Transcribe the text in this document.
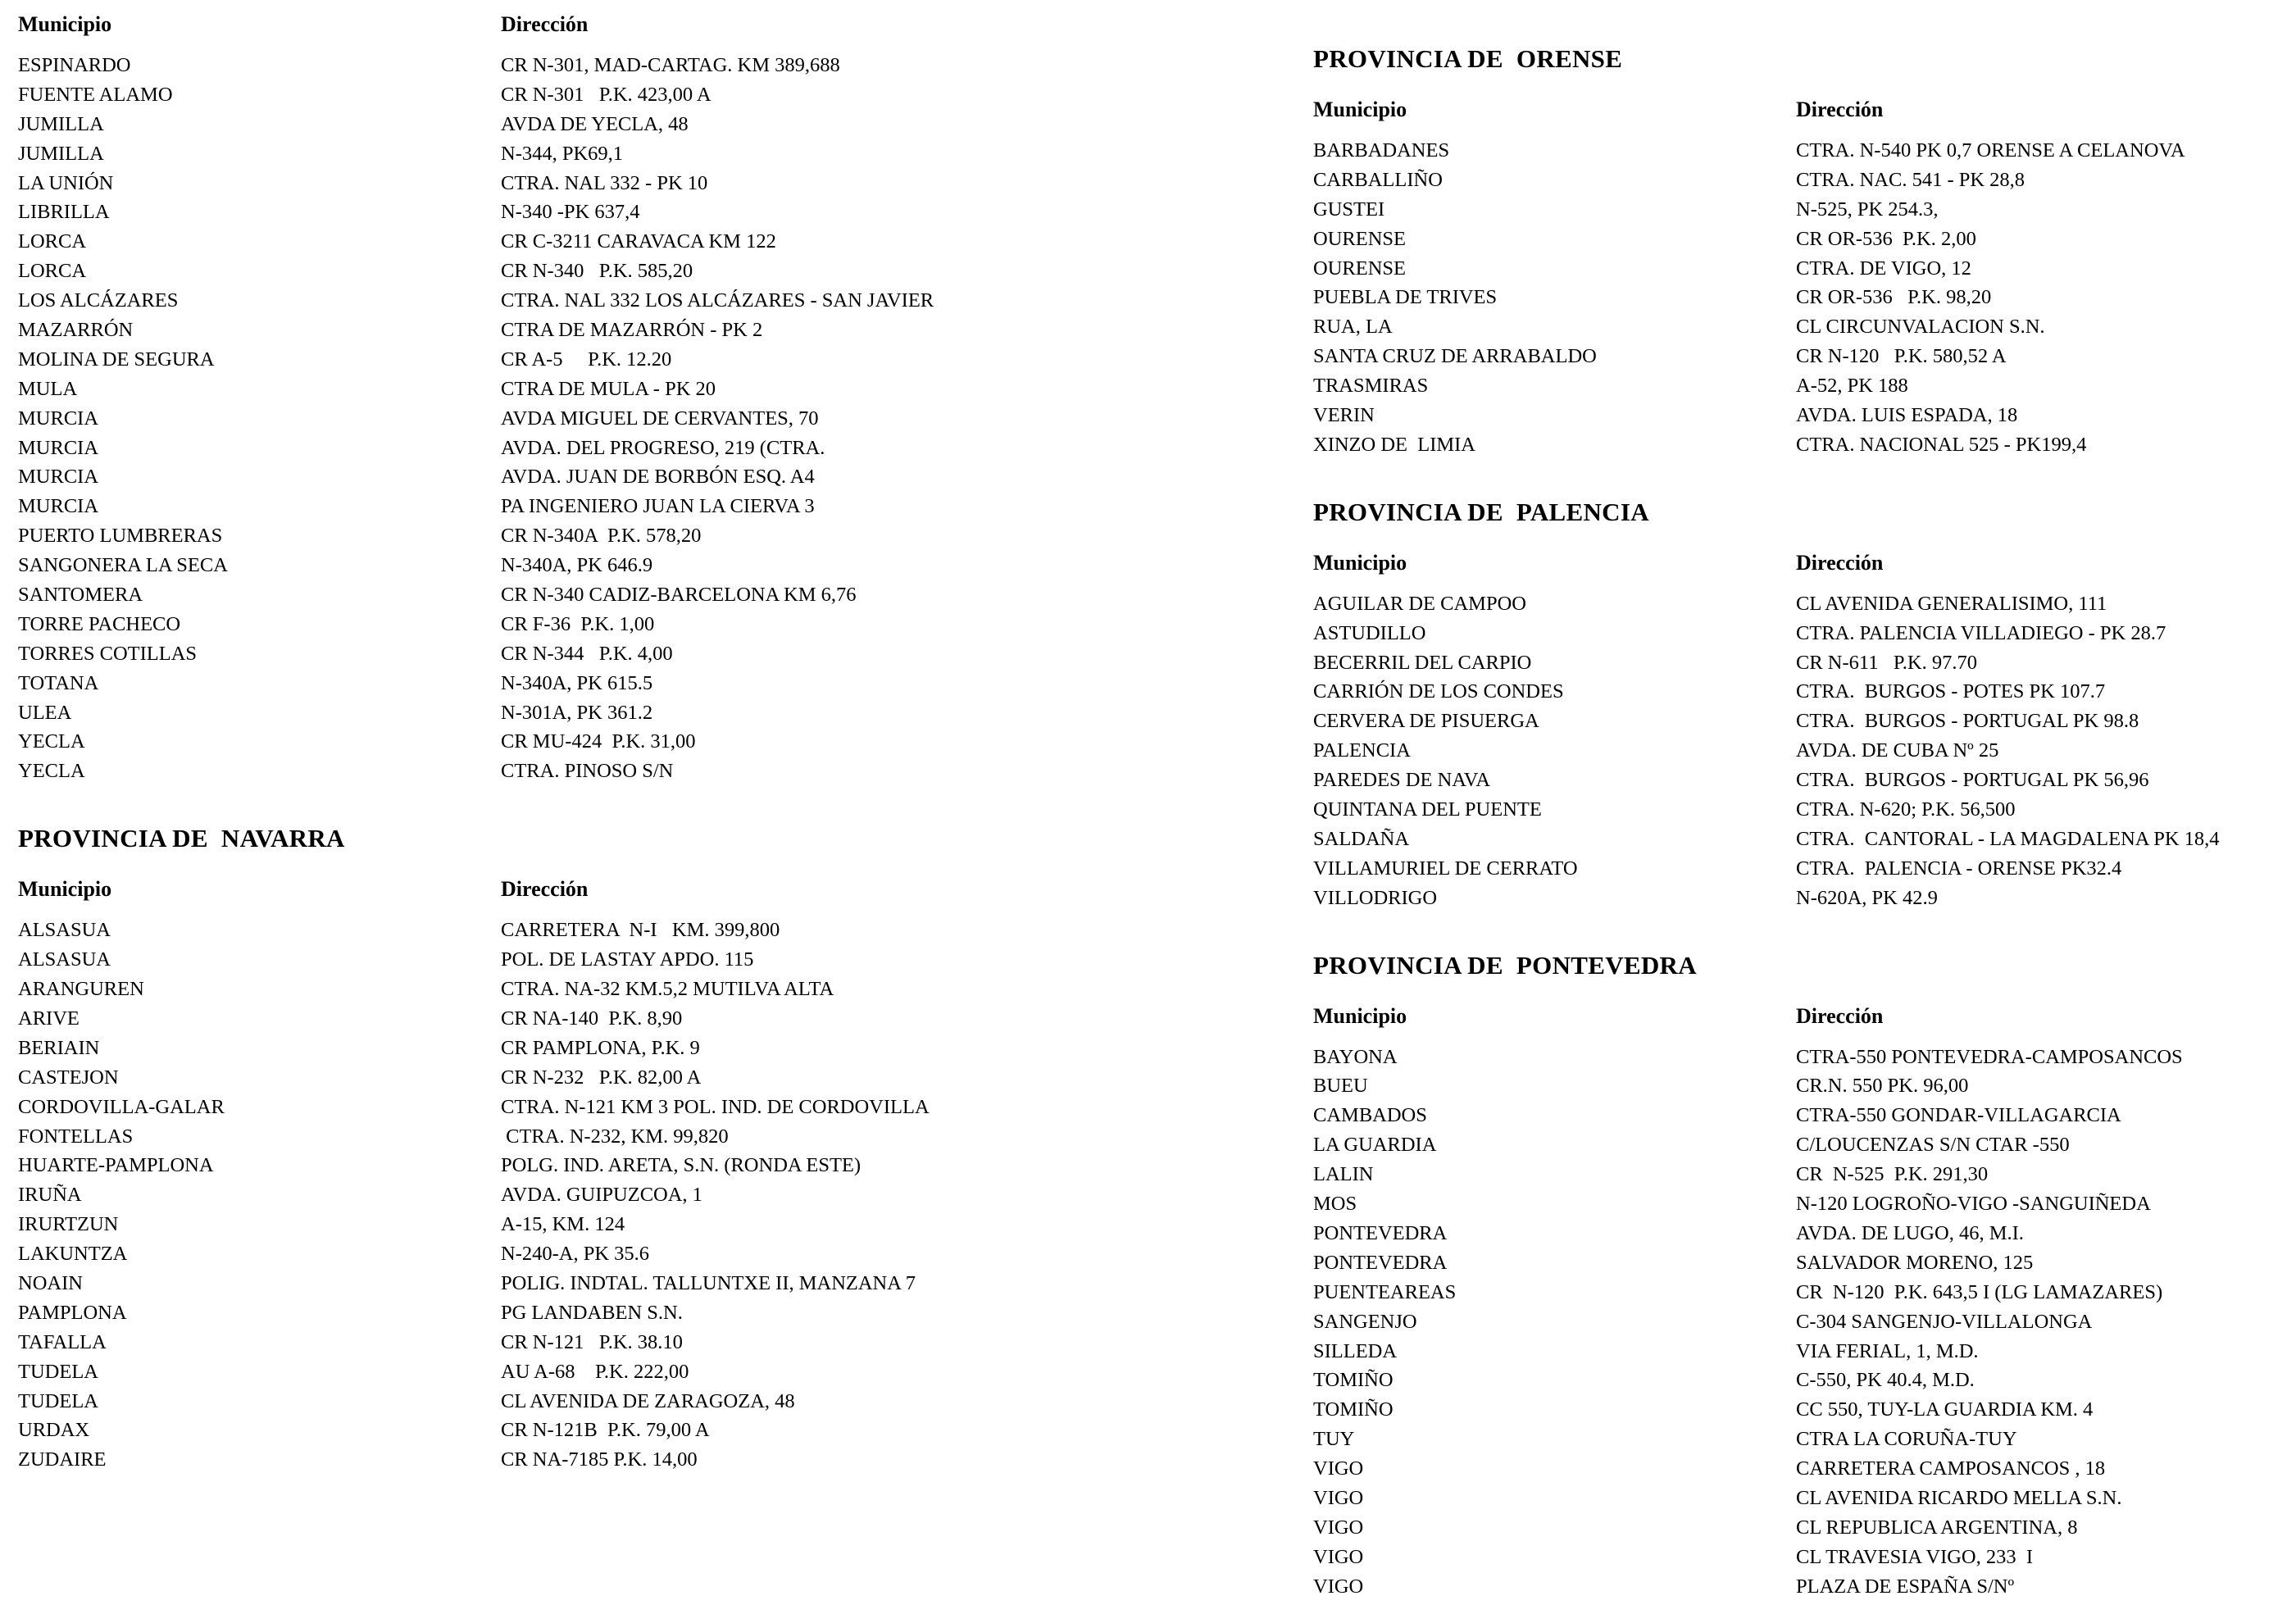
Municipio	Dirección
ESPINARDO	CR N-301, MAD-CARTAG. KM 389,688
FUENTE ALAMO	CR N-301   P.K. 423,00 A
JUMILLA	AVDA DE YECLA, 48
JUMILLA	N-344, PK69,1
LA UNIÓN	CTRA. NAL 332 - PK 10
LIBRILLA	N-340 -PK 637,4
LORCA	CR C-3211 CARAVACA KM 122
LORCA	CR N-340   P.K. 585,20
LOS ALCÁZARES	CTRA. NAL 332 LOS ALCÁZARES - SAN JAVIER
MAZARRÓN	CTRA DE MAZARRÓN - PK 2
MOLINA DE SEGURA	CR A-5     P.K. 12.20
MULA	CTRA DE MULA - PK 20
MURCIA	AVDA MIGUEL DE CERVANTES, 70
MURCIA	AVDA. DEL PROGRESO, 219 (CTRA.
MURCIA	AVDA. JUAN DE BORBÓN ESQ. A4
MURCIA	PA INGENIERO JUAN LA CIERVA 3
PUERTO LUMBRERAS	CR N-340A  P.K. 578,20
SANGONERA LA SECA	N-340A, PK 646.9
SANTOMERA	CR N-340 CADIZ-BARCELONA KM 6,76
TORRE PACHECO	CR F-36  P.K. 1,00
TORRES COTILLAS	CR N-344   P.K. 4,00
TOTANA	N-340A, PK 615.5
ULEA	N-301A, PK 361.2
YECLA	CR MU-424  P.K. 31,00
YECLA	CTRA. PINOSO S/N
PROVINCIA DE  NAVARRA
Municipio	Dirección
ALSASUA	CARRETERA  N-I   KM. 399,800
ALSASUA	POL. DE LASTAY APDO. 115
ARANGUREN	CTRA. NA-32 KM.5,2 MUTILVA ALTA
ARIVE	CR NA-140  P.K. 8,90
BERIAIN	CR PAMPLONA, P.K. 9
CASTEJON	CR N-232   P.K. 82,00 A
CORDOVILLA-GALAR	CTRA. N-121 KM 3 POL. IND. DE CORDOVILLA
FONTELLAS	CTRA. N-232, KM. 99,820
HUARTE-PAMPLONA	POLG. IND. ARETA, S.N. (RONDA ESTE)
IRUÑA	AVDA. GUIPUZCOA, 1
IRURTZUN	A-15, KM. 124
LAKUNTZA	N-240-A, PK 35.6
NOAIN	POLIG. INDTAL. TALLUNTXE II, MANZANA 7
PAMPLONA	PG LANDABEN S.N.
TAFALLA	CR N-121   P.K. 38.10
TUDELA	AU A-68    P.K. 222,00
TUDELA	CL AVENIDA DE ZARAGOZA, 48
URDAX	CR N-121B  P.K. 79,00 A
ZUDAIRE	CR NA-7185 P.K. 14,00
PROVINCIA DE  ORENSE
Municipio	Dirección
BARBADANES	CTRA. N-540 PK 0,7 ORENSE A CELANOVA
CARBALLIÑO	CTRA. NAC. 541 - PK 28,8
GUSTEI	N-525, PK 254.3,
OURENSE	CR OR-536  P.K. 2,00
OURENSE	CTRA. DE VIGO, 12
PUEBLA DE TRIVES	CR OR-536   P.K. 98,20
RUA, LA	CL CIRCUNVALACION S.N.
SANTA CRUZ DE ARRABALDO	CR N-120   P.K. 580,52 A
TRASMIRAS	A-52, PK 188
VERIN	AVDA. LUIS ESPADA, 18
XINZO DE  LIMIA	CTRA. NACIONAL 525 - PK199,4
PROVINCIA DE  PALENCIA
Municipio	Dirección
AGUILAR DE CAMPOO	CL AVENIDA GENERALISIMO, 111
ASTUDILLO	CTRA. PALENCIA VILLADIEGO - PK 28.7
BECERRIL DEL CARPIO	CR N-611   P.K. 97.70
CARRIÓN DE LOS CONDES	CTRA.  BURGOS - POTES PK 107.7
CERVERA DE PISUERGA	CTRA.  BURGOS - PORTUGAL PK 98.8
PALENCIA	AVDA. DE CUBA Nº 25
PAREDES DE NAVA	CTRA.  BURGOS - PORTUGAL PK 56,96
QUINTANA DEL PUENTE	CTRA. N-620; P.K. 56,500
SALDAÑA	CTRA.  CANTORAL - LA MAGDALENA PK 18,4
VILLAMURIEL DE CERRATO	CTRA.  PALENCIA - ORENSE PK32.4
VILLODRIGO	N-620A, PK 42.9
PROVINCIA DE  PONTEVEDRA
Municipio	Dirección
BAYONA	CTRA-550 PONTEVEDRA-CAMPOSANCOS
BUEU	CR.N. 550 PK. 96,00
CAMBADOS	CTRA-550 GONDAR-VILLAGARCIA
LA GUARDIA	C/LOUCENZAS S/N CTAR -550
LALIN	CR  N-525  P.K. 291,30
MOS	N-120 LOGROÑO-VIGO -SANGUIÑEDA
PONTEVEDRA	AVDA. DE LUGO, 46, M.I.
PONTEVEDRA	SALVADOR MORENO, 125
PUENTEAREAS	CR  N-120  P.K. 643,5 I (LG LAMAZARES)
SANGENJO	C-304 SANGENJO-VILLALONGA
SILLEDA	VIA FERIAL, 1, M.D.
TOMIÑO	C-550, PK 40.4, M.D.
TOMIÑO	CC 550, TUY-LA GUARDIA KM. 4
TUY	CTRA LA CORUÑA-TUY
VIGO	CARRETERA CAMPOSANCOS , 18
VIGO	CL AVENIDA RICARDO MELLA S.N.
VIGO	CL REPUBLICA ARGENTINA, 8
VIGO	CL TRAVESIA VIGO, 233  I
VIGO	PLAZA DE ESPAÑA S/Nº
